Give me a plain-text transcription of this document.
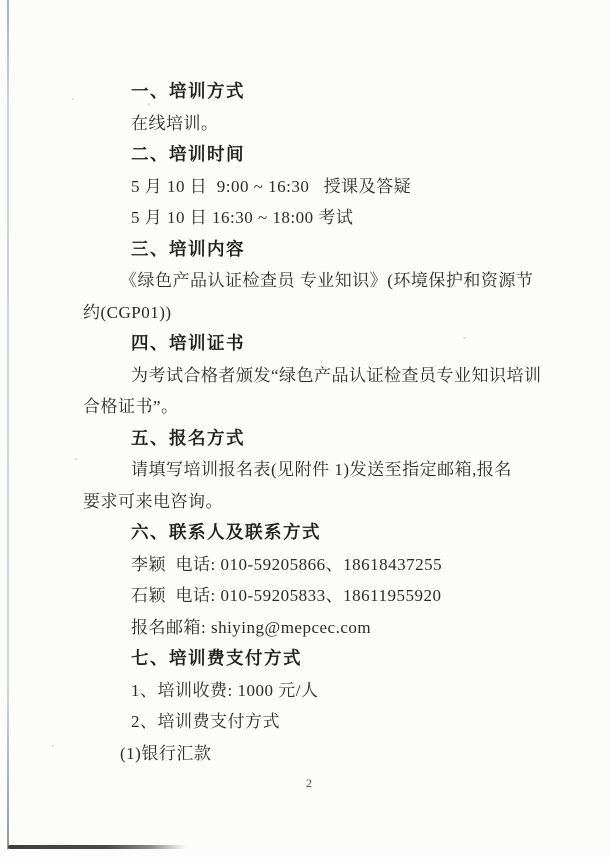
一、培训方式
在线培训。
二、培训时间
5 月 10 日  9:00 ~ 16:30   授课及答疑
5 月 10 日 16:30 ~ 18:00 考试
三、培训内容
《绿色产品认证检查员 专业知识》(环境保护和资源节
约(CGP01))
四、培训证书
为考试合格者颁发“绿色产品认证检查员专业知识培训
合格证书”。
五、报名方式
请填写培训报名表(见附件 1)发送至指定邮箱,报名
要求可来电咨询。
六、联系人及联系方式
李颖  电话: 010-59205866、18618437255
石颖  电话: 010-59205833、18611955920
报名邮箱: shiying@mepcec.com
七、培训费支付方式
1、培训收费: 1000 元/人
2、培训费支付方式
(1)银行汇款
2
